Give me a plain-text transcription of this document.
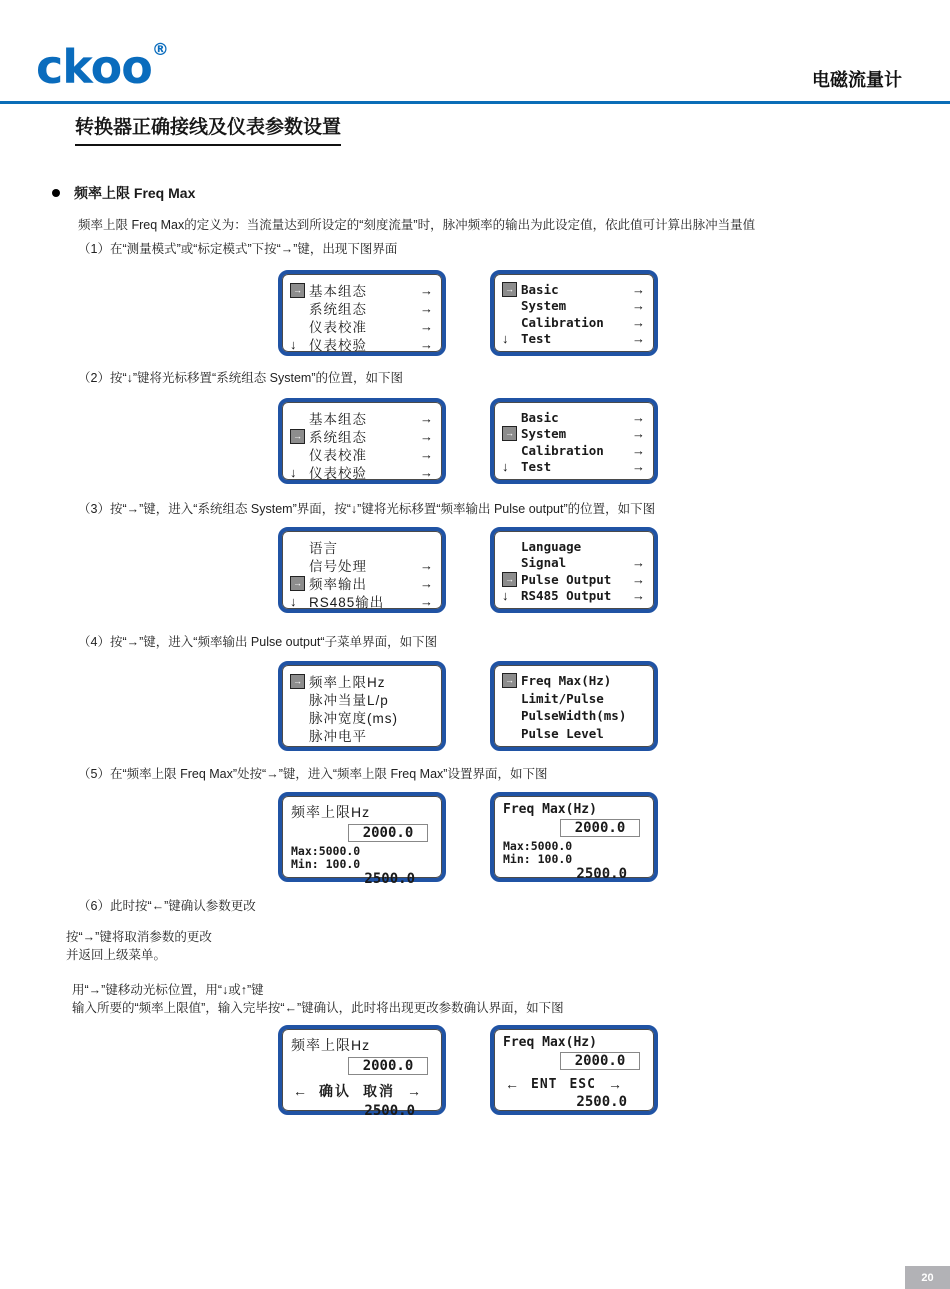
ckoo®
电磁流量计
转换器正确接线及仪表参数设置
频率上限 Freq Max
频率上限 Freq Max的定义为：当流量达到所设定的“刻度流量”时，脉冲频率的输出为此设定值，依此值可计算出脉冲当量值
（1）在“测量模式”或“标定模式”下按“→”键，出现下图界面
→ 基本组态	→
系统组态	→
仪表校准	→
↓ 仪表校验	→
→ Basic	→
System	→
Calibration	→
↓ Test	→
（2）按“↓”键将光标移置“系统组态 System”的位置，如下图
基本组态	→
→ 系统组态	→
仪表校准	→
↓ 仪表校验	→
Basic	→
→ System	→
Calibration	→
↓ Test	→
（3）按“→”键，进入“系统组态 System”界面，按“↓”键将光标移置“频率输出 Pulse output”的位置，如下图
语言
信号处理	→
→ 频率输出	→
↓ RS485输出	→
Language
Signal	→
→ Pulse Output	→
↓ RS485 Output	→
（4）按“→”键，进入“频率输出 Pulse output“子菜单界面，如下图
→ 频率上限Hz
脉冲当量L/p
脉冲宽度(ms)
脉冲电平
→ Freq Max(Hz)
Limit/Pulse
PulseWidth(ms)
Pulse Level
（5）在“频率上限 Freq Max”处按“→”键，进入“频率上限 Freq Max”设置界面，如下图
频率上限Hz
2000.0
Max:5000.0
Min: 100.0
2500.0
Freq Max(Hz)
2000.0
Max:5000.0
Min: 100.0
2500.0
（6）此时按“←”键确认参数更改
按“→”键将取消参数的更改
并返回上级菜单。
用“→”键移动光标位置，用“↓或↑”键
输入所要的“频率上限值”，输入完毕按“←”键确认，此时将出现更改参数确认界面，如下图
频率上限Hz
2000.0
← 确认 取消 →
2500.0
Freq Max(Hz)
2000.0
← ENT ESC →
2500.0
20
